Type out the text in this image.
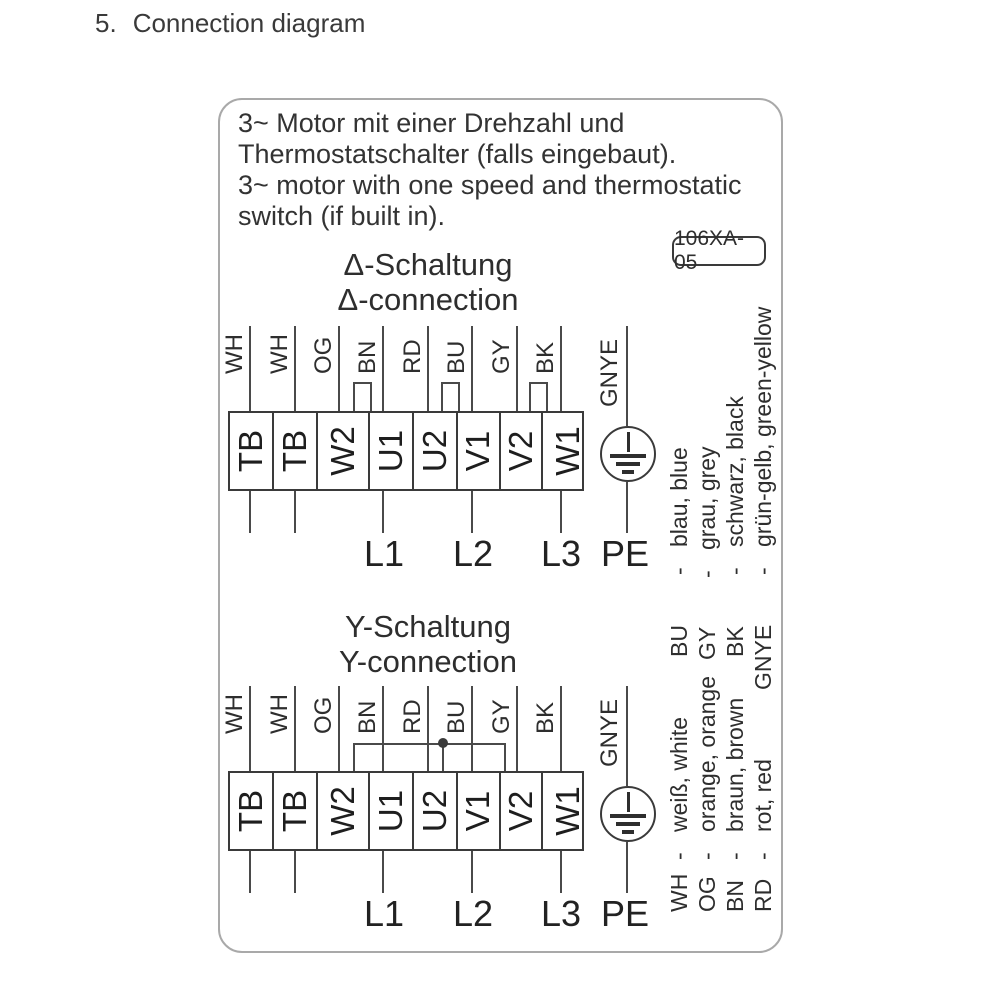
5. Connection diagram
3~ Motor mit einer Drehzahl und
Thermostatschalter (falls eingebaut).
3~ motor with one speed and thermostatic
switch (if built in).
106XA-05
Δ-Schaltung
Δ-connection
WH WH OG BN RD BU GY BK
TB TB W2 U1 U2 V1 V2 W1
GNYE
L1	L2	L3 PE
Y-Schaltung
Y-connection
WH WH OG BN RD BU GY BK
TB TB W2 U1 U2 V1 V2 W1
GNYE
L1	L2	L3 PE
BU-blau, blue
GY-grau, grey
BK-schwarz, black
GNYE-grün-gelb, green-yellow
WH-weiß, white
OG-orange, orange
BN-braun, brown
RD-rot, red
